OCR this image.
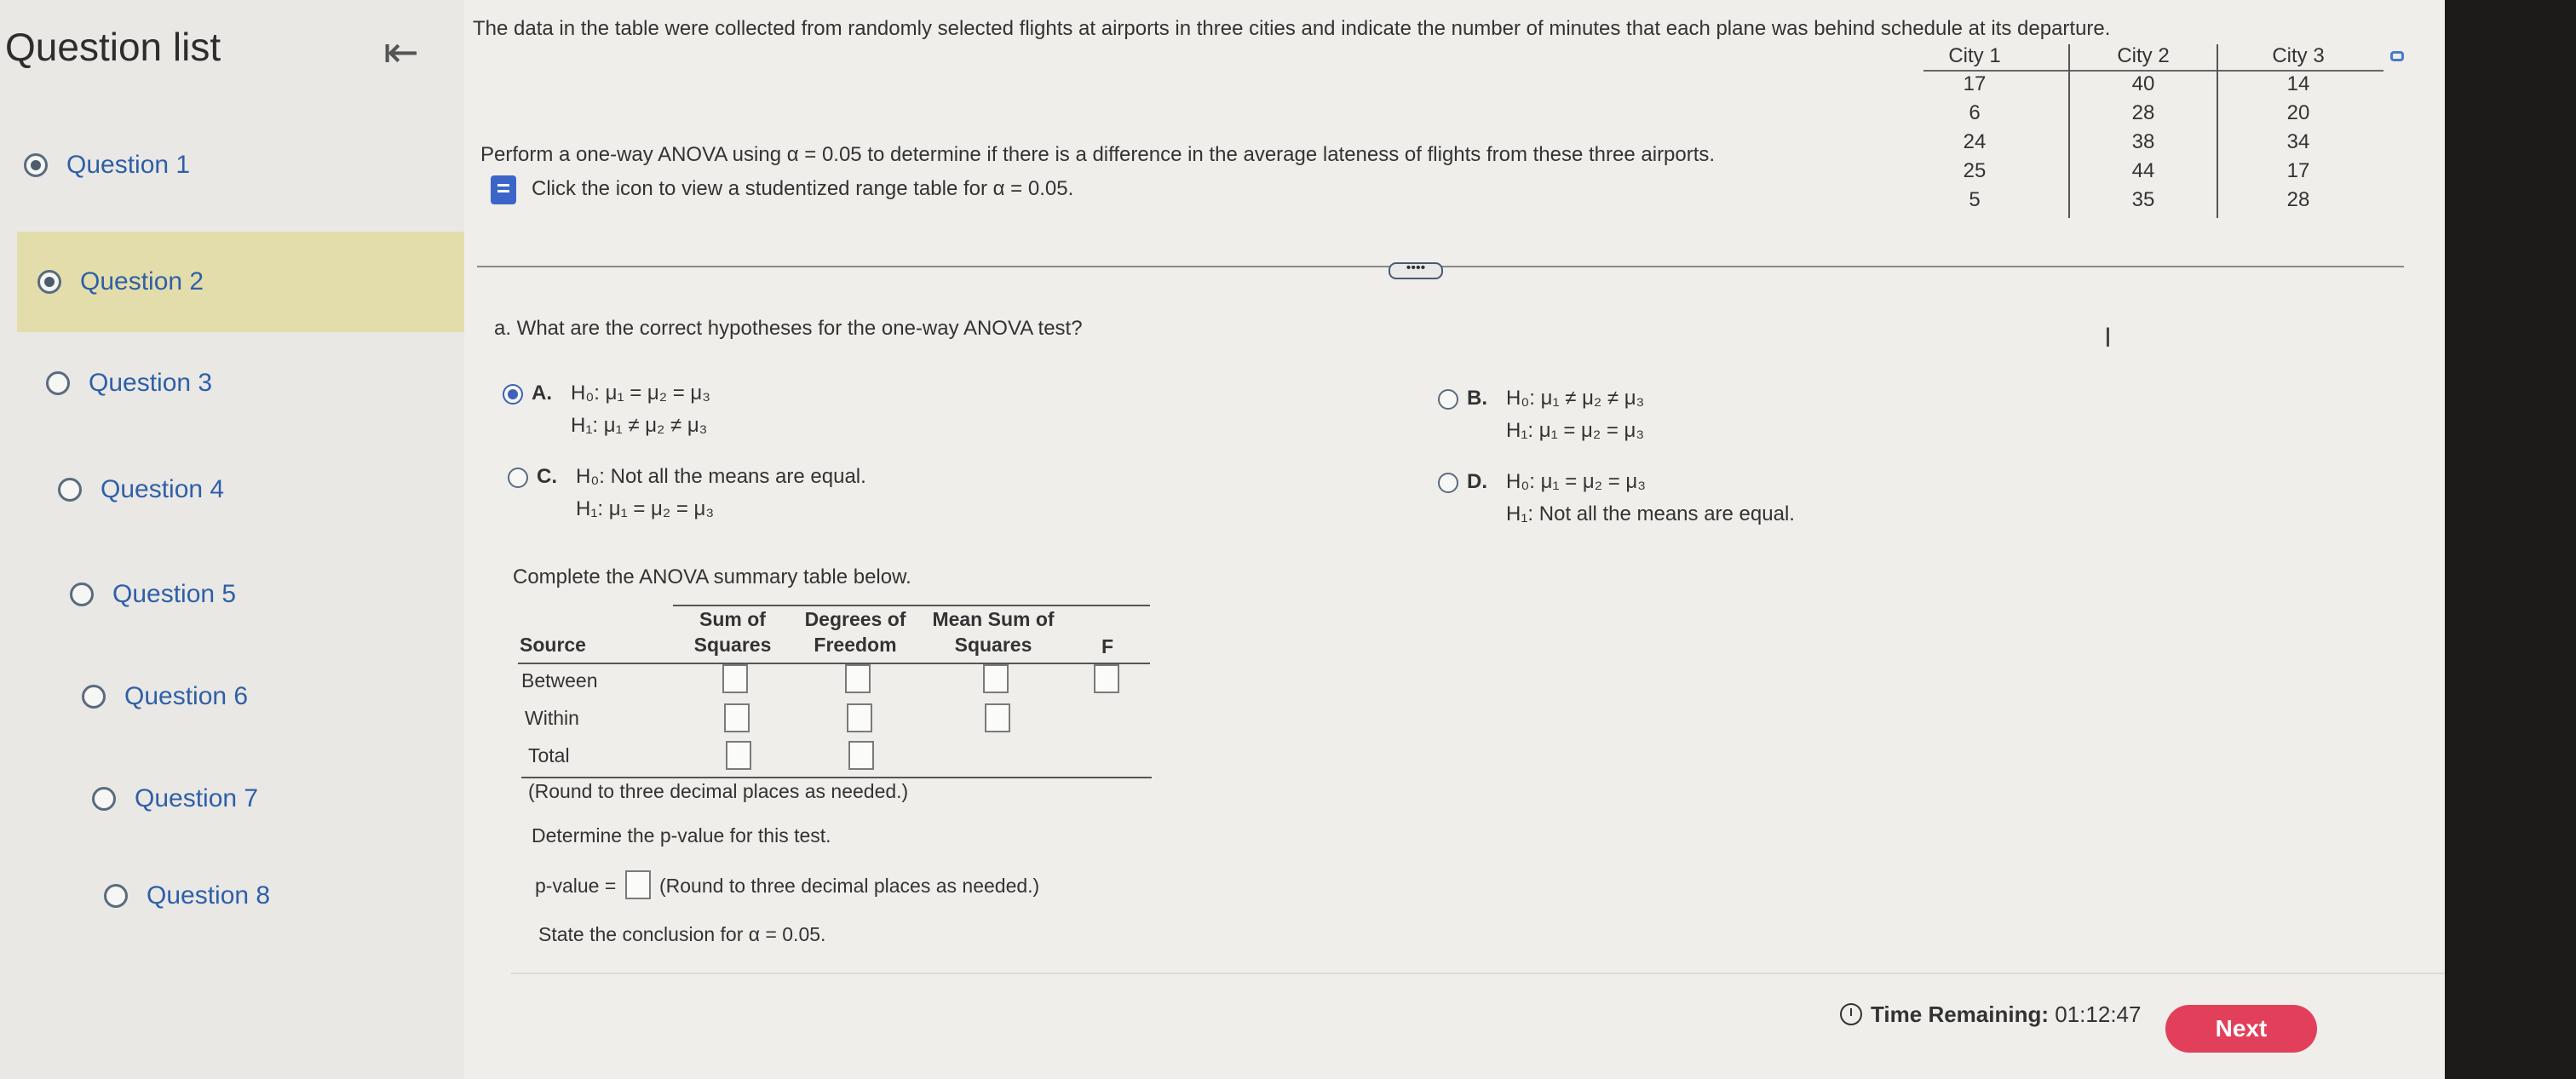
Question list	⇤
Question 1
Question 2
Question 3
Question 4
Question 5
Question 6
Question 7
Question 8
The data in the table were collected from randomly selected flights at airports in three cities and indicate the number of minutes that each plane was behind schedule at its departure.
Perform a one-way ANOVA using α = 0.05 to determine if there is a difference in the average lateness of flights from these three airports.
Click the icon to view a studentized range table for α = 0.05.
City 1
17
6
24
25
5
City 2
40
28
38
44
35
City 3
14
20
34
17
28
••••
I
a. What are the correct hypotheses for the one-way ANOVA test?
A. H₀: μ₁ = μ₂ = μ₃
H₁: μ₁ ≠ μ₂ ≠ μ₃
B. H₀: μ₁ ≠ μ₂ ≠ μ₃
H₁: μ₁ = μ₂ = μ₃
C. H₀: Not all the means are equal.
H₁: μ₁ = μ₂ = μ₃
D. H₀: μ₁ = μ₂ = μ₃
H₁: Not all the means are equal.
Complete the ANOVA summary table below.
Source
Sum of
Squares
Degrees of
Freedom
Mean Sum of
Squares	F
Between
Within
Total
(Round to three decimal places as needed.)
Determine the p-value for this test.
p-value = (Round to three decimal places as needed.)
State the conclusion for α = 0.05.
Time Remaining: 01:12:47
Next
